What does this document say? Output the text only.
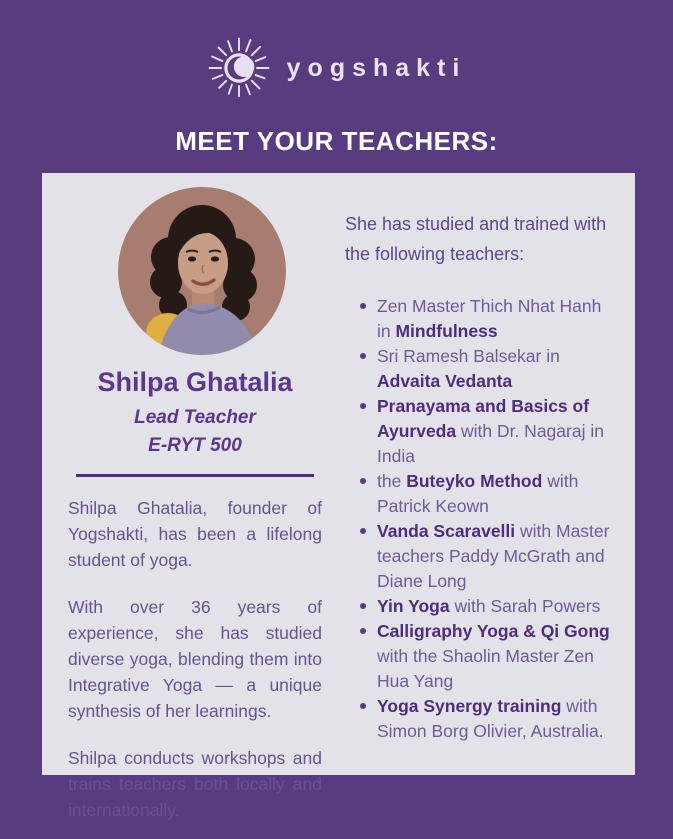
yogshakti
MEET YOUR TEACHERS:
Shilpa Ghatalia
Lead Teacher
E-RYT 500

Shilpa Ghatalia, founder of Yogshakti, has been a lifelong student of yoga.

With over 36 years of experience, she has studied diverse yoga, blending them into Integrative Yoga — a unique synthesis of her learnings.

Shilpa conducts workshops and trains teachers both locally and internationally.

She has studied and trained with the following teachers:
Zen Master Thich Nhat Hanh in Mindfulness
Sri Ramesh Balsekar in Advaita Vedanta
Pranayama and Basics of Ayurveda with Dr. Nagaraj in India
the Buteyko Method with Patrick Keown
Vanda Scaravelli with Master teachers Paddy McGrath and Diane Long
Yin Yoga with Sarah Powers
Calligraphy Yoga & Qi Gong with the Shaolin Master Zen Hua Yang
Yoga Synergy training with Simon Borg Olivier, Australia.
